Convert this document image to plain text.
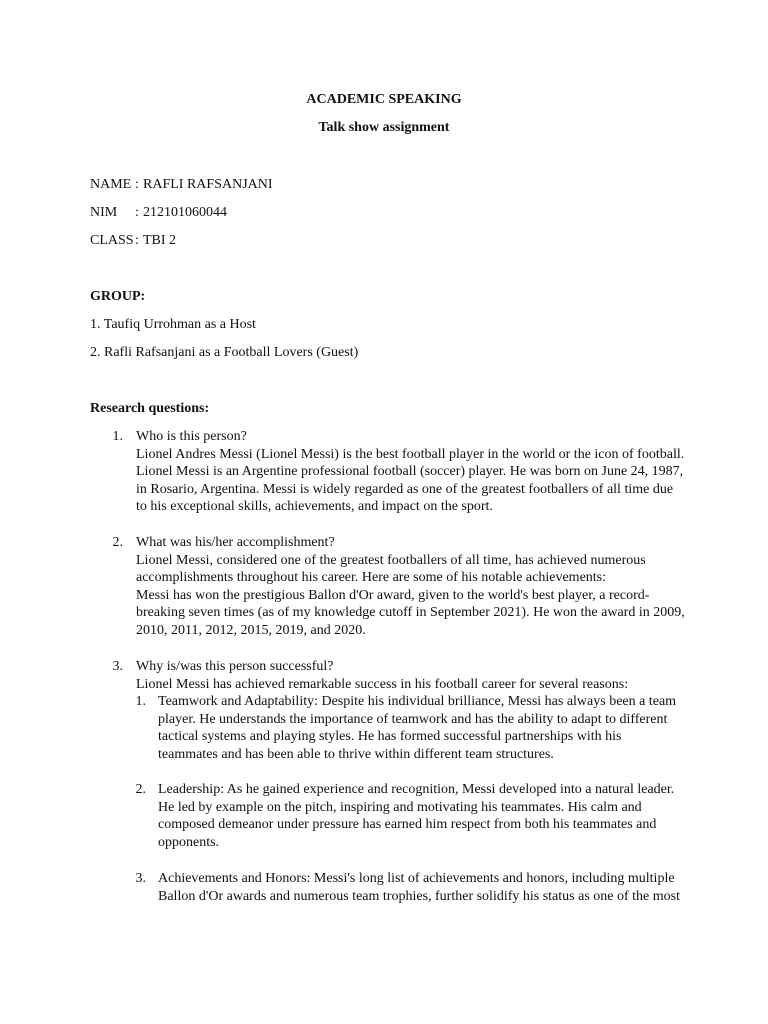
ACADEMIC SPEAKING
Talk show assignment
NAME : RAFLI RAFSANJANI
NIM : 212101060044
CLASS : TBI 2
GROUP:
1. Taufiq Urrohman as a Host
2. Rafli Rafsanjani as a Football Lovers (Guest)
Research questions:
1. Who is this person?
Lionel Andres Messi (Lionel Messi) is the best football player in the world or the icon of football.
Lionel Messi is an Argentine professional football (soccer) player. He was born on June 24, 1987,
in Rosario, Argentina. Messi is widely regarded as one of the greatest footballers of all time due
to his exceptional skills, achievements, and impact on the sport.
2. What was his/her accomplishment?
Lionel Messi, considered one of the greatest footballers of all time, has achieved numerous
accomplishments throughout his career. Here are some of his notable achievements:
Messi has won the prestigious Ballon d'Or award, given to the world's best player, a record-
breaking seven times (as of my knowledge cutoff in September 2021). He won the award in 2009,
2010, 2011, 2012, 2015, 2019, and 2020.
3. Why is/was this person successful?
Lionel Messi has achieved remarkable success in his football career for several reasons:
1. Teamwork and Adaptability: Despite his individual brilliance, Messi has always been a team
player. He understands the importance of teamwork and has the ability to adapt to different
tactical systems and playing styles. He has formed successful partnerships with his
teammates and has been able to thrive within different team structures.
2. Leadership: As he gained experience and recognition, Messi developed into a natural leader.
He led by example on the pitch, inspiring and motivating his teammates. His calm and
composed demeanor under pressure has earned him respect from both his teammates and
opponents.
3. Achievements and Honors: Messi's long list of achievements and honors, including multiple
Ballon d'Or awards and numerous team trophies, further solidify his status as one of the most
